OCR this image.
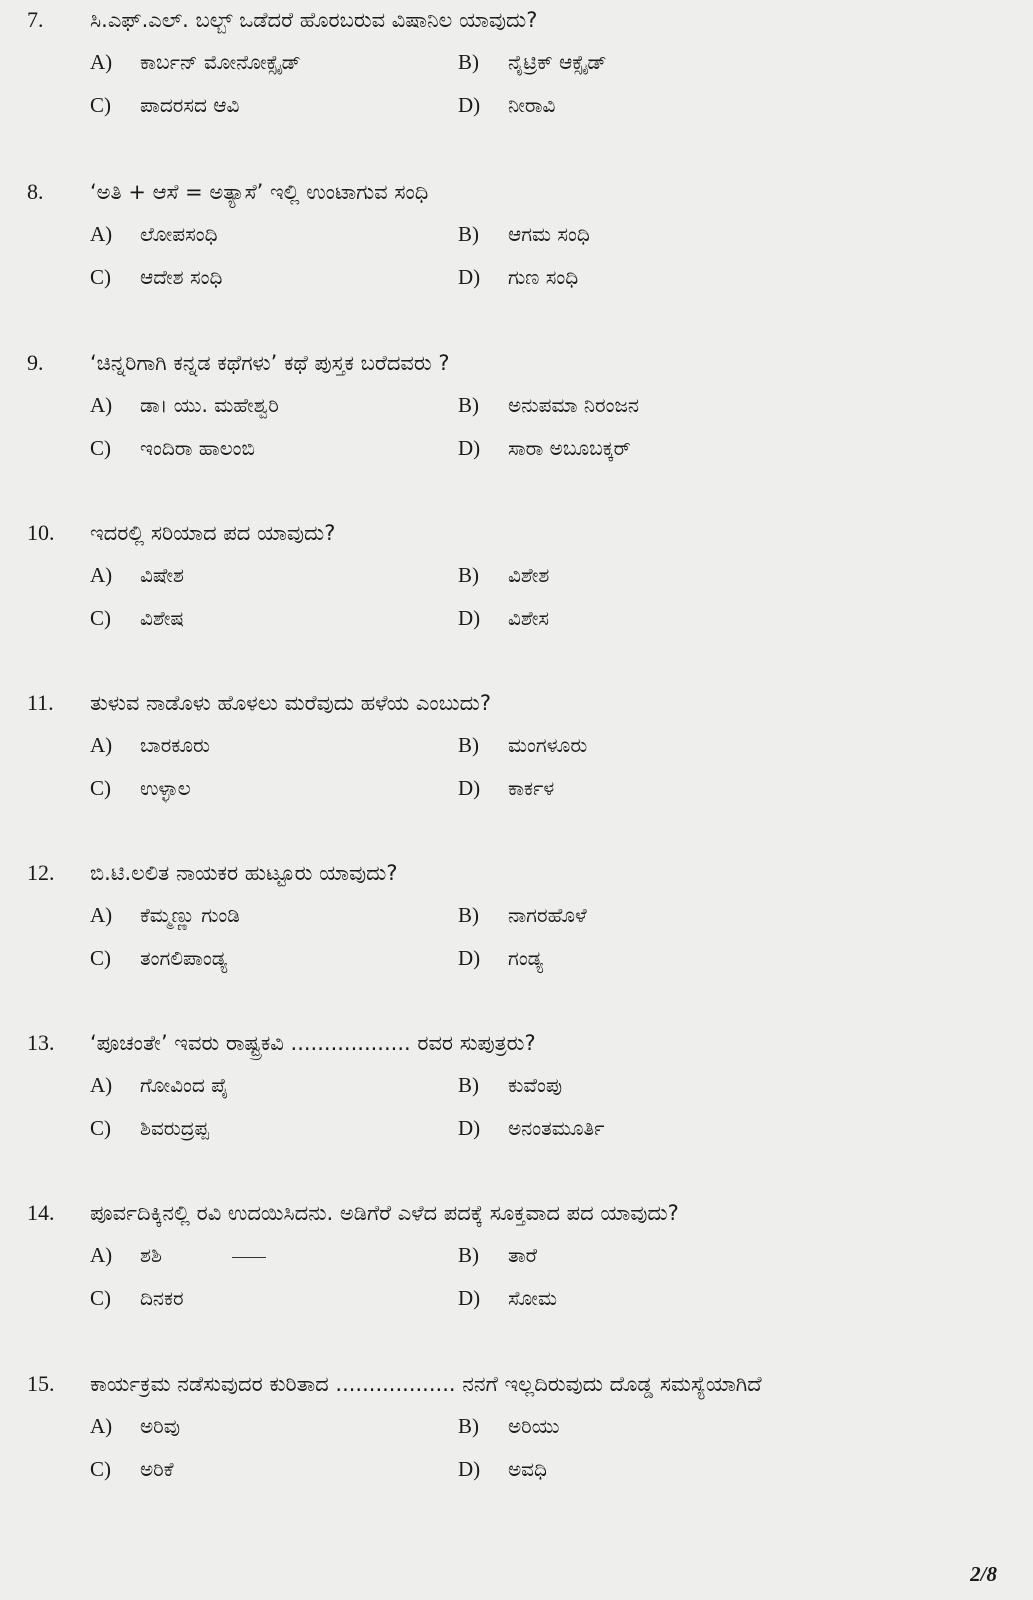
7. ಸಿ.ಎಫ್.ಎಲ್. ಬಲ್ಬ್ ಒಡೆದರೆ ಹೊರಬರುವ ವಿಷಾನಿಲ ಯಾವುದು?
A) ಕಾರ್ಬನ್ ಮೋನೋಕ್ಸೈಡ್	B) ನೈಟ್ರಿಕ್ ಆಕ್ಸೈಡ್
C) ಪಾದರಸದ ಆವಿ	D) ನೀರಾವಿ
8. ‘ಅತಿ + ಆಸೆ = ಅತ್ಯಾಸೆ’ ಇಲ್ಲಿ ಉಂಟಾಗುವ ಸಂಧಿ
A) ಲೋಪಸಂಧಿ	B) ಆಗಮ ಸಂಧಿ
C) ಆದೇಶ ಸಂಧಿ	D) ಗುಣ ಸಂಧಿ
9. ‘ಚಿನ್ನರಿಗಾಗಿ ಕನ್ನಡ ಕಥೆಗಳು’ ಕಥೆ ಪುಸ್ತಕ ಬರೆದವರು ?
A) ಡಾ। ಯು. ಮಹೇಶ್ವರಿ	B) ಅನುಪಮಾ ನಿರಂಜನ
C) ಇಂದಿರಾ ಹಾಲಂಬಿ	D) ಸಾರಾ ಅಬೂಬಕ್ಕರ್
10. ಇದರಲ್ಲಿ ಸರಿಯಾದ ಪದ ಯಾವುದು?
A) ವಿಷೇಶ	B) ವಿಶೇಶ
C) ವಿಶೇಷ	D) ವಿಶೇಸ
11. ತುಳುವ ನಾಡೊಳು ಹೊಳಲು ಮರೆವುದು ಹಳೆಯ ಎಂಬುದು?
A) ಬಾರಕೂರು	B) ಮಂಗಳೂರು
C) ಉಳ್ಳಾಲ	D) ಕಾರ್ಕಳ
12. ಬಿ.ಟಿ.ಲಲಿತ ನಾಯಕರ ಹುಟ್ಟೂರು ಯಾವುದು?
A) ಕೆಮ್ಮಣ್ಣು ಗುಂಡಿ	B) ನಾಗರಹೊಳೆ
C) ತಂಗಲಿಪಾಂಡ್ಯ	D) ಗಂಡ್ಯ
13. ‘ಪೂಚಂತೇ’ ಇವರು ರಾಷ್ಟ್ರಕವಿ .................. ರವರ ಸುಪುತ್ರರು?
A) ಗೋವಿಂದ ಪೈ	B) ಕುವೆಂಪು
C) ಶಿವರುದ್ರಪ್ಪ	D) ಅನಂತಮೂರ್ತಿ
14. ಪೂರ್ವದಿಕ್ಕಿನಲ್ಲಿ ರವಿ ಉದಯಿಸಿದನು. ಅಡಿಗೆರೆ ಎಳೆದ ಪದಕ್ಕೆ ಸೂಕ್ತವಾದ ಪದ ಯಾವುದು?
A) ಶಶಿ	B) ತಾರೆ
C) ದಿನಕರ	D) ಸೋಮ
15. ಕಾರ್ಯಕ್ರಮ ನಡೆಸುವುದರ ಕುರಿತಾದ .................. ನನಗೆ ಇಲ್ಲದಿರುವುದು ದೊಡ್ಡ ಸಮಸ್ಯೆಯಾಗಿದೆ
A) ಅರಿವು	B) ಅರಿಯು
C) ಅರಿಕೆ	D) ಅವಧಿ
2/8
